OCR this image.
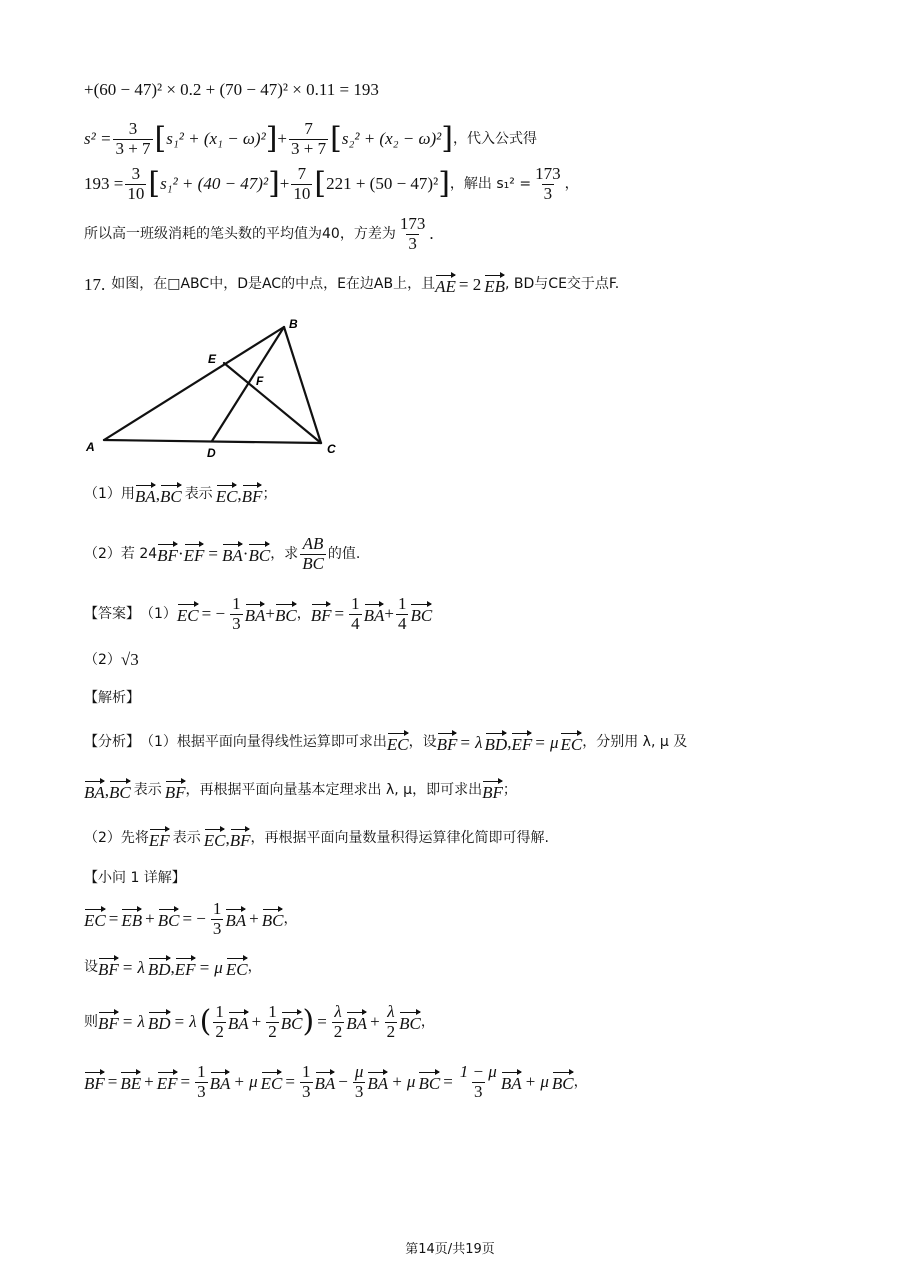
+(60 − 47)² × 0.2 + (70 − 47)² × 0.11 = 193
$s^2 = \frac{3}{3 + 7}$ [ s₁² + (x₁ − ω)² ] + $\frac{7}{3 + 7}$ [ s₂² + (x₂ − ω)² ] ，代入公式得
$193 = \frac{3}{10}$ [ s₁² + (40 − 47)² ] + $\frac{7}{10}$ [ 221 + (50 − 47)² ] ，解出 $s_1^2 = \frac{173}{3}$ ，
所以高一班级消耗的笔头数的平均值为40，方差为 $\frac{173}{3}$ .
17. 如图，在□ABC中，D是AC的中点，E在边AB上，且 AE = 2 EB , BD与CE交于点F.
A
B
C
D
E
F
（1）用 BA , BC 表示 EC , BF ；
（2）若 24 BF · EF = BA · BC ，求 $\frac{AB}{BC}$ 的值.
【答案】 （1） EC = − $\frac{1}{3}$ BA + BC ， BF = $\frac{1}{4}$ BA + $\frac{1}{4}$ BC
（2） √3
【解析】
【分析】 （1）根据平面向量得线性运算即可求出 EC ，设 BF = λ BD , EF = μ EC ，分别用 λ, μ 及
BA , BC 表示 BF ，再根据平面向量基本定理求出 λ, μ，即可求出 BF ；
（2）先将 EF 表示 EC , BF ，再根据平面向量数量积得运算律化简即可得解.
【小问 1 详解】
EC = EB + BC = − $\frac{1}{3}$ BA + BC ，
设 BF = λ BD , EF = μ EC ，
则 BF = λ BD = λ ( $\frac{1}{2}$ BA + $\frac{1}{2}$ BC ) = $\frac{\lambda}{2}$ BA + $\frac{\lambda}{2}$ BC ，
BF = BE + EF = $\frac{1}{3}$ BA + μ EC = $\frac{1}{3}$ BA − $\frac{\mu}{3}$ BA + μ BC = $\frac{1 - \mu}{3}$ BA + μ BC ，
第14页/共19页
